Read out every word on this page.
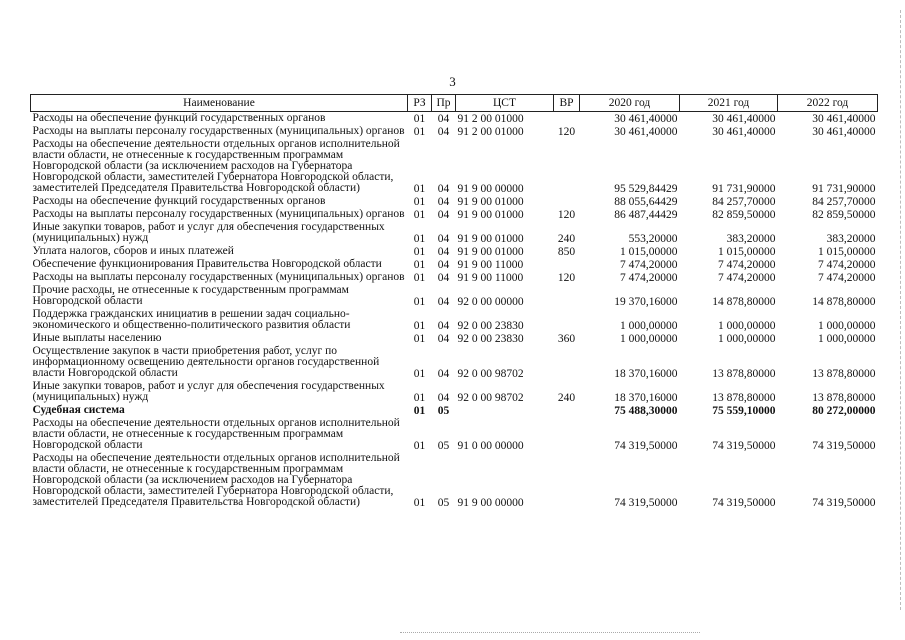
3
Наименование	РЗ	Пр	ЦСТ	ВР	2020 год	2021 год	2022 год
Расходы на обеспечение функций государственных органов	01	04	91 2 00 01000		30 461,40000	30 461,40000	30 461,40000
Расходы на выплаты персоналу государственных (муниципальных) органов	01	04	91 2 00 01000	120	30 461,40000	30 461,40000	30 461,40000
Расходы на обеспечение деятельности отдельных органов исполнительной власти области, не отнесенные к государственным программам Новгородской области (за исключением расходов на Губернатора Новгородской области, заместителей Губернатора Новгородской области, заместителей Председателя Правительства Новгородской области)	01	04	91 9 00 00000		95 529,84429	91 731,90000	91 731,90000
Расходы на обеспечение функций государственных органов	01	04	91 9 00 01000		88 055,64429	84 257,70000	84 257,70000
Расходы на выплаты персоналу государственных (муниципальных) органов	01	04	91 9 00 01000	120	86 487,44429	82 859,50000	82 859,50000
Иные закупки товаров, работ и услуг для обеспечения государственных (муниципальных) нужд	01	04	91 9 00 01000	240	553,20000	383,20000	383,20000
Уплата налогов, сборов и иных платежей	01	04	91 9 00 01000	850	1 015,00000	1 015,00000	1 015,00000
Обеспечение функционирования Правительства Новгородской области	01	04	91 9 00 11000		7 474,20000	7 474,20000	7 474,20000
Расходы на выплаты персоналу государственных (муниципальных) органов	01	04	91 9 00 11000	120	7 474,20000	7 474,20000	7 474,20000
Прочие расходы, не отнесенные к государственным программам Новгородской области	01	04	92 0 00 00000		19 370,16000	14 878,80000	14 878,80000
Поддержка гражданских инициатив в решении задач социально-экономического и общественно-политического развития области	01	04	92 0 00 23830		1 000,00000	1 000,00000	1 000,00000
Иные выплаты населению	01	04	92 0 00 23830	360	1 000,00000	1 000,00000	1 000,00000
Осуществление закупок в части приобретения работ, услуг по информационному освещению деятельности органов государственной власти Новгородской области	01	04	92 0 00 98702		18 370,16000	13 878,80000	13 878,80000
Иные закупки товаров, работ и услуг для обеспечения государственных (муниципальных) нужд	01	04	92 0 00 98702	240	18 370,16000	13 878,80000	13 878,80000
Судебная система	01	05			75 488,30000	75 559,10000	80 272,00000
Расходы на обеспечение деятельности отдельных органов исполнительной власти области, не отнесенные к государственным программам Новгородской области	01	05	91 0 00 00000		74 319,50000	74 319,50000	74 319,50000
Расходы на обеспечение деятельности отдельных органов исполнительной власти области, не отнесенные к государственным программам Новгородской области (за исключением расходов на Губернатора Новгородской области, заместителей Губернатора Новгородской области, заместителей Председателя Правительства Новгородской области)	01	05	91 9 00 00000		74 319,50000	74 319,50000	74 319,50000
